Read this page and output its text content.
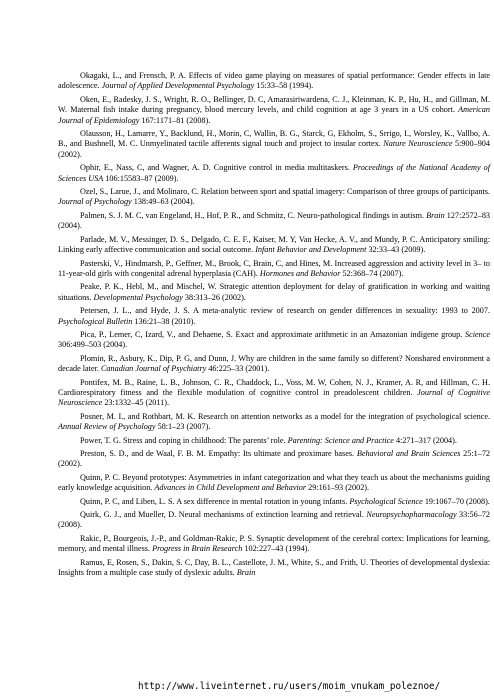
Okagaki, L., and Frensch, P. A. Effects of video game playing on measures of spatial performance: Gender effects in late adolescence. Journal of Applied Developmental Psychology 15:33–58 (1994).

Oken, E., Radesky, J. S., Wright, R. O., Bellinger, D. C, Amarasiriwardena, C. J., Kleinman, K. P., Hu, H., and Gillman, M. W. Maternal fish intake during pregnancy, blood mercury levels, and child cognition at age 3 years in a US cohort. American Journal of Epidemiology 167:1171–81 (2008).

Olausson, H., Lamarre, Y., Backlund, H., Morin, C, Wallin, B. G., Starck, G, Ekholm, S., Srrigo, I., Worsley, K., Vallbo, A. B., and Bushnell, M. C. Unmyelinated tactile afferents signal touch and project to insular cortex. Nature Neuroscience 5:900–904 (2002).

Ophir, E., Nass, C, and Wagner, A. D. Cognitive control in media multitaskers. Proceedings of the National Academy of Sciences USA 106:15583–87 (2009).

Ozel, S., Larue, J., and Molinaro, C. Relation between sport and spatial imagery: Comparison of three groups of participants. Journal of Psychology 138:49–63 (2004).

Palmen, S. J. M. C, van Engeland, H., Hof, P. R., and Schmitz, C. Neuro-pathological findings in autism. Brain 127:2572–83 (2004).

Parlade, M. V., Messinger, D. S., Delgado, C. E. F., Kaiser, M. Y, Van Hecke, A. V., and Mundy, P. C. Anticipatory smiling: Linking early affective communication and social outcome. Infant Behavior and Development 32:33–43 (2009).

Pasterski, V., Hindmarsh, P., Geffner, M., Brook, C, Brain, C, and Hines, M. Increased aggression and activity level in 3– to 11-year-old girls with congenital adrenal hyperplasia (CAH). Hormones and Behavior 52:368–74 (2007).

Peake, P. K., Hebl, M., and Mischel, W. Strategic attention deployment for delay of gratification in working and waiting situations. Developmental Psychology 38:313–26 (2002).

Petersen, J. L., and Hyde, J. S. A meta-analytic review of research on gender differences in sexuality: 1993 to 2007. Psychological Bulletin 136:21–38 (2010).

Pica, P., Lemer, C, Izard, V., and Dehaene, S. Exact and approximate arithmetic in an Amazonian indigene group. Science 306:499–503 (2004).

Plomin, R., Asbury, K., Dip, P. G, and Dunn, J. Why are children in the same family so different? Nonshared environment a decade later. Canadian Journal of Psychiatry 46:225–33 (2001).

Pontifex, M. B., Raine, L. B., Johnson, C. R., Chaddock, L., Voss, M. W, Cohen, N. J., Kramer, A. R, and Hillman, C. H. Cardiorespiratory fitness and the flexible modulation of cognitive control in preadolescent children. Journal of Cognitive Neuroscience 23:1332–45 (2011).

Posner, M. I., and Rothbart, M. K. Research on attention networks as a model for the integration of psychological science. Annual Review of Psychology 58:1–23 (2007).

Power, T. G. Stress and coping in childhood: The parents’ role. Parenting: Science and Practice 4:271–317 (2004).

Preston, S. D., and de Waal, F. B. M. Empathy: Its ultimate and proximare bases. Behavioral and Brain Sciences 25:1–72 (2002).

Quinn, P. C. Beyond prototypes: Asymmetries in infant categorization and what they teach us about the mechanisms guiding early knowledge acquisition. Advances in Child Development and Behavior 29:161–93 (2002).

Quinn, P. C, and Liben, L. S. A sex difference in mental rotation in young infants. Psychological Science 19:1067–70 (2008).

Quirk, G. J., and Mueller, D. Neural mechanisms of extinction learning and retrieval. Neuropsychopharmacology 33:56–72 (2008).

Rakic, P., Bourgeois, J.-P., and Goldman-Rakic, P. S. Synaptic development of the cerebral cortex: Implications for learning, memory, and mental illness. Progress in Brain Research 102:227–43 (1994).

Ramus, E, Rosen, S., Dakin, S. C, Day, B. L., Castellote, J. M., White, S., and Frith, U. Theories of developmental dyslexia: Insights from a multiple case study of dyslexic adults. Brain

http://www.liveinternet.ru/users/moim_vnukam_poleznoe/
